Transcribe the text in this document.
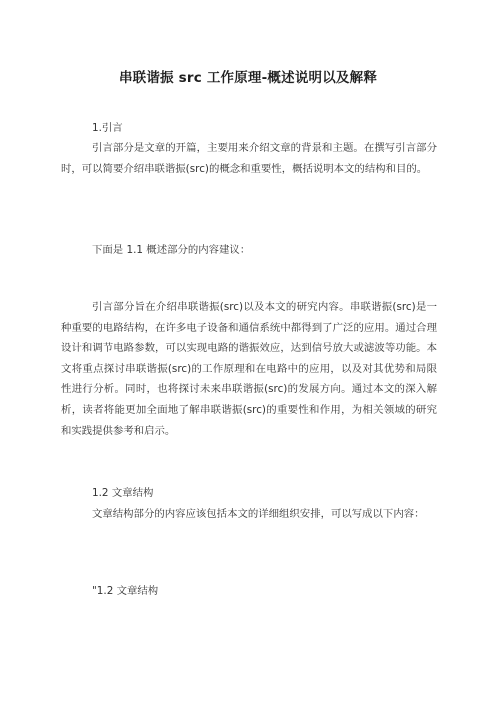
串联谐振 src 工作原理-概述说明以及解释
1.引言

引言部分是文章的开篇，主要用来介绍文章的背景和主题。在撰写引言部分时，可以简要介绍串联谐振(src)的概念和重要性，概括说明本文的结构和目的。

下面是 1.1 概述部分的内容建议：

引言部分旨在介绍串联谐振(src)以及本文的研究内容。串联谐振(src)是一种重要的电路结构，在许多电子设备和通信系统中都得到了广泛的应用。通过合理设计和调节电路参数，可以实现电路的谐振效应，达到信号放大或滤波等功能。本文将重点探讨串联谐振(src)的工作原理和在电路中的应用，以及对其优势和局限性进行分析。同时，也将探讨未来串联谐振(src)的发展方向。通过本文的深入解析，读者将能更加全面地了解串联谐振(src)的重要性和作用，为相关领域的研究和实践提供参考和启示。

1.2 文章结构

文章结构部分的内容应该包括本文的详细组织安排，可以写成以下内容：

"1.2 文章结构
